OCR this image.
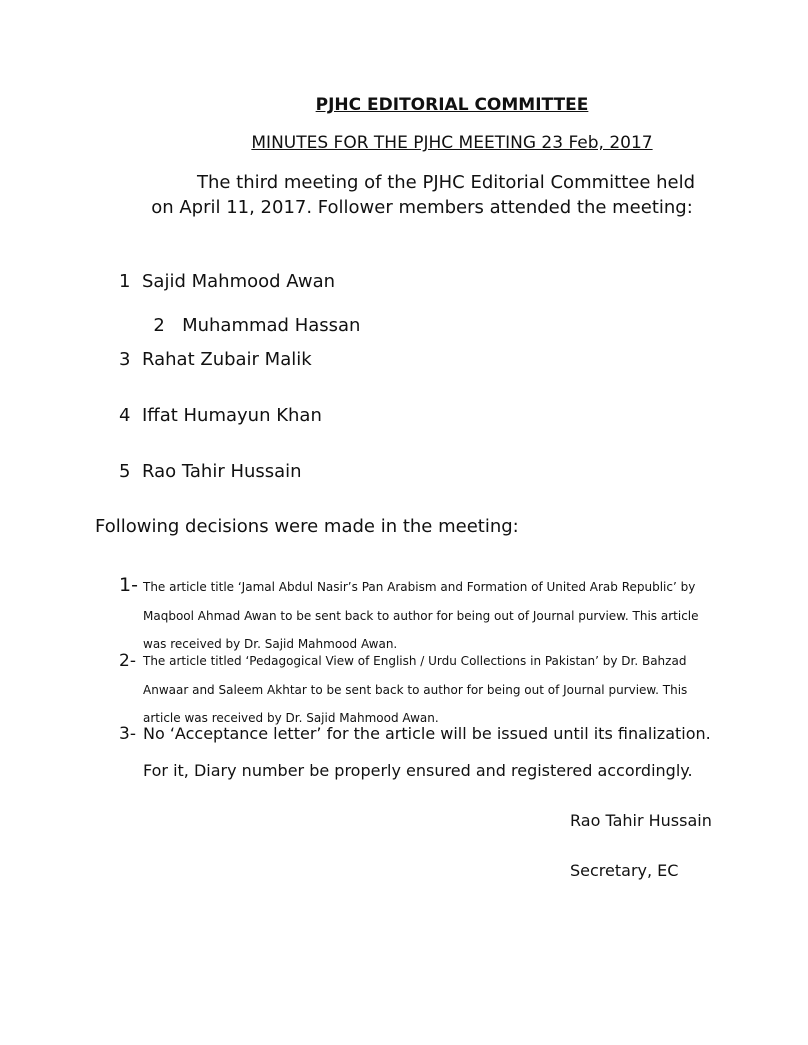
PJHC EDITORIAL COMMITTEE
MINUTES FOR THE PJHC MEETING 23 Feb, 2017
The third meeting of the PJHC Editorial Committee held
on April 11, 2017. Follower members attended the meeting:
1 Sajid Mahmood Awan

2 Muhammad Hassan

3 Rahat Zubair Malik
4 Iffat Humayun Khan
5 Rao Tahir Hussain
Following decisions were made in the meeting:
1- The article title ‘Jamal Abdul Nasir’s Pan Arabism and Formation of United Arab Republic’ by
Maqbool Ahmad Awan to be sent back to author for being out of Journal purview. This article
was received by Dr. Sajid Mahmood Awan.
2- The article titled ‘Pedagogical View of English / Urdu Collections in Pakistan’ by Dr. Bahzad
Anwaar and Saleem Akhtar to be sent back to author for being out of Journal purview. This
article was received by Dr. Sajid Mahmood Awan.
3- No ‘Acceptance letter’ for the article will be issued until its finalization.
For it, Diary number be properly ensured and registered accordingly.
Rao Tahir Hussain
Secretary, EC
